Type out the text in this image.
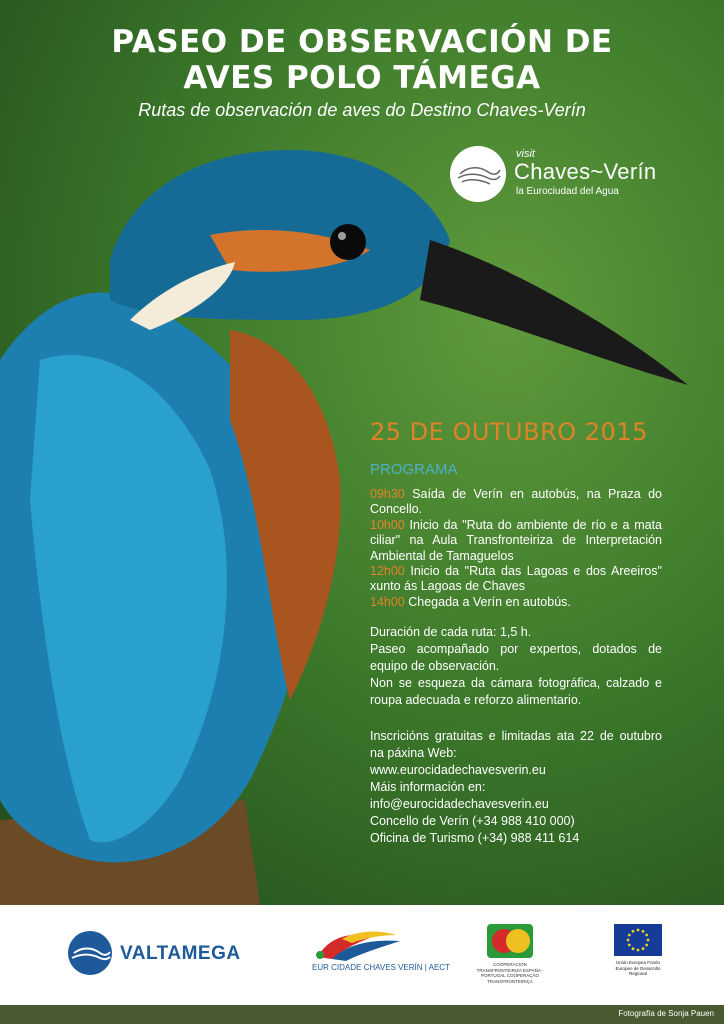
PASEO DE OBSERVACIÓN DE
AVES POLO TÁMEGA
Rutas de observación de aves do Destino Chaves-Verín
visit
Chaves~Verín
la Eurociudad del Agua
25 DE OUTUBRO 2015
PROGRAMA

09h30 Saída de Verín en autobús, na Praza do Concello.

10h00 Inicio da "Ruta do ambiente de río e a mata ciliar" na Aula Transfronteiriza de Interpretación Ambiental de Tamaguelos

12h00 Inicio da "Ruta das Lagoas e dos Areeiros" xunto ás Lagoas de Chaves

14h00 Chegada a Verín en autobús.

Duración de cada ruta: 1,5 h.

Paseo acompañado por expertos, dotados de equipo de observación.

Non se esqueza da cámara fotográfica, calzado e roupa adecuada e reforzo alimentario.

Inscricións gratuitas e limitadas ata 22 de outubro na páxina Web:

www.eurocidadechavesverin.eu

Máis información en:

info@eurocidadechavesverin.eu

Concello de Verín (+34 988 410 000)

Oficina de Turismo (+34) 988 411 614

VALTAMEGA
EUR CIDADE CHAVES VERÍN | AECT	COOPERACIÓN TRANSFRONTEIRIZA ESPAÑA - PORTUGAL COOPERAÇÃO TRANSFRONTEIRIÇA
Unión Europea Fondo Europeo de Desarrollo Regional
Fotografía de Sonja Pauen
